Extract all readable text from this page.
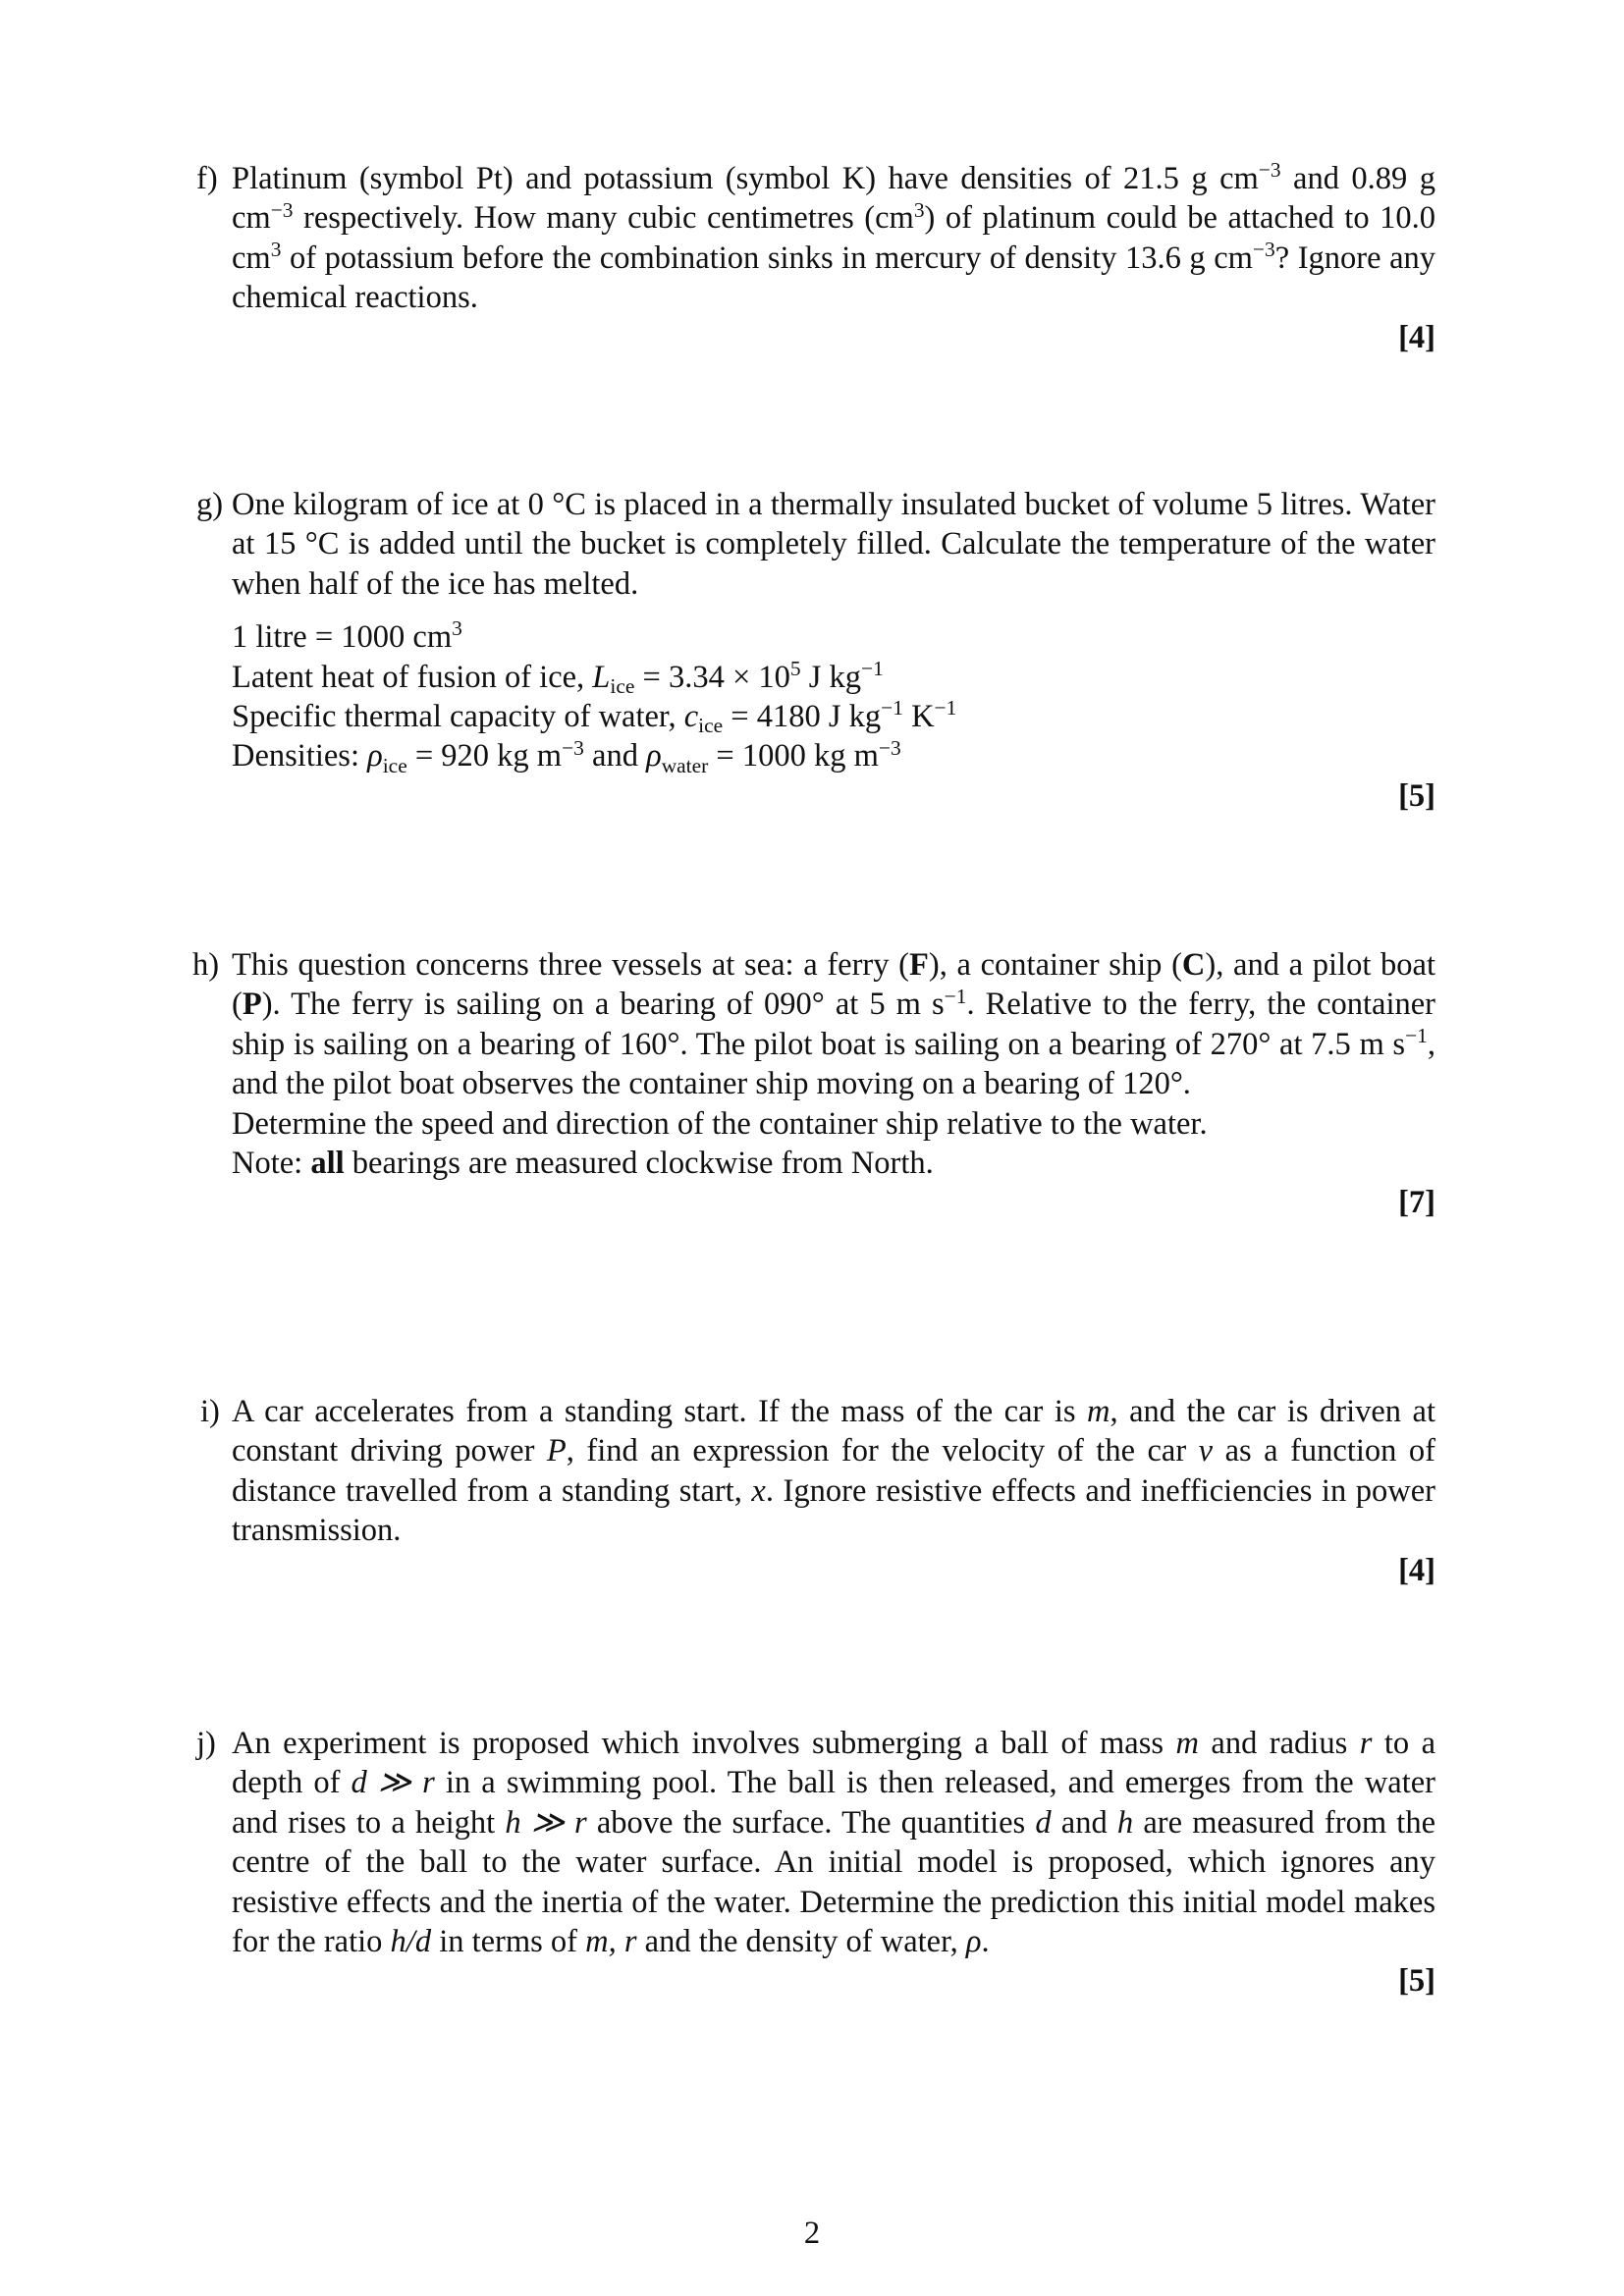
f) Platinum (symbol Pt) and potassium (symbol K) have densities of 21.5 g $cm^{-3}$ and 0.89 g $cm^{-3}$ respectively. How many cubic centimetres $(cm^3)$ of platinum could be attached to 10.0 $cm^3$ of potassium before the combination sinks in mercury of density 13.6 g $cm^{-3}$? Ignore any chemical reactions.

[4]
g) One kilogram of ice at 0 °C is placed in a thermally insulated bucket of volume 5 litres. Water at 15 °C is added until the bucket is completely filled. Calculate the temperature of the water when half of the ice has melted.

1 litre = 1000 $cm^3$
Latent heat of fusion of ice, $L_{ice} = 3.34 \times 10^5$ J $kg^{-1}$
Specific thermal capacity of water, $c_{ice} = 4180$ J $kg^{-1}$ $K^{-1}$
Densities: $\rho_{ice} = 920$ kg $m^{-3}$ and $\rho_{water} = 1000$ kg $m^{-3}$
[5]
h) This question concerns three vessels at sea: a ferry (F), a container ship (C), and a pilot boat (P). The ferry is sailing on a bearing of 090° at 5 m $s^{-1}$. Relative to the ferry, the container ship is sailing on a bearing of 160°. The pilot boat is sailing on a bearing of 270° at 7.5 m $s^{-1}$, and the pilot boat observes the container ship moving on a bearing of 120°.

Determine the speed and direction of the container ship relative to the water.
Note: all bearings are measured clockwise from North.
[7]
i) A car accelerates from a standing start. If the mass of the car is m, and the car is driven at constant driving power P, find an expression for the velocity of the car v as a function of distance travelled from a standing start, x. Ignore resistive effects and inefficiencies in power transmission.

[4]
j) An experiment is proposed which involves submerging a ball of mass m and radius r to a depth of d ≫ r in a swimming pool. The ball is then released, and emerges from the water and rises to a height h ≫ r above the surface. The quantities d and h are measured from the centre of the ball to the water surface. An initial model is proposed, which ignores any resistive effects and the inertia of the water. Determine the prediction this initial model makes for the ratio h/d in terms of m, r and the density of water, ρ.

[5]
2
